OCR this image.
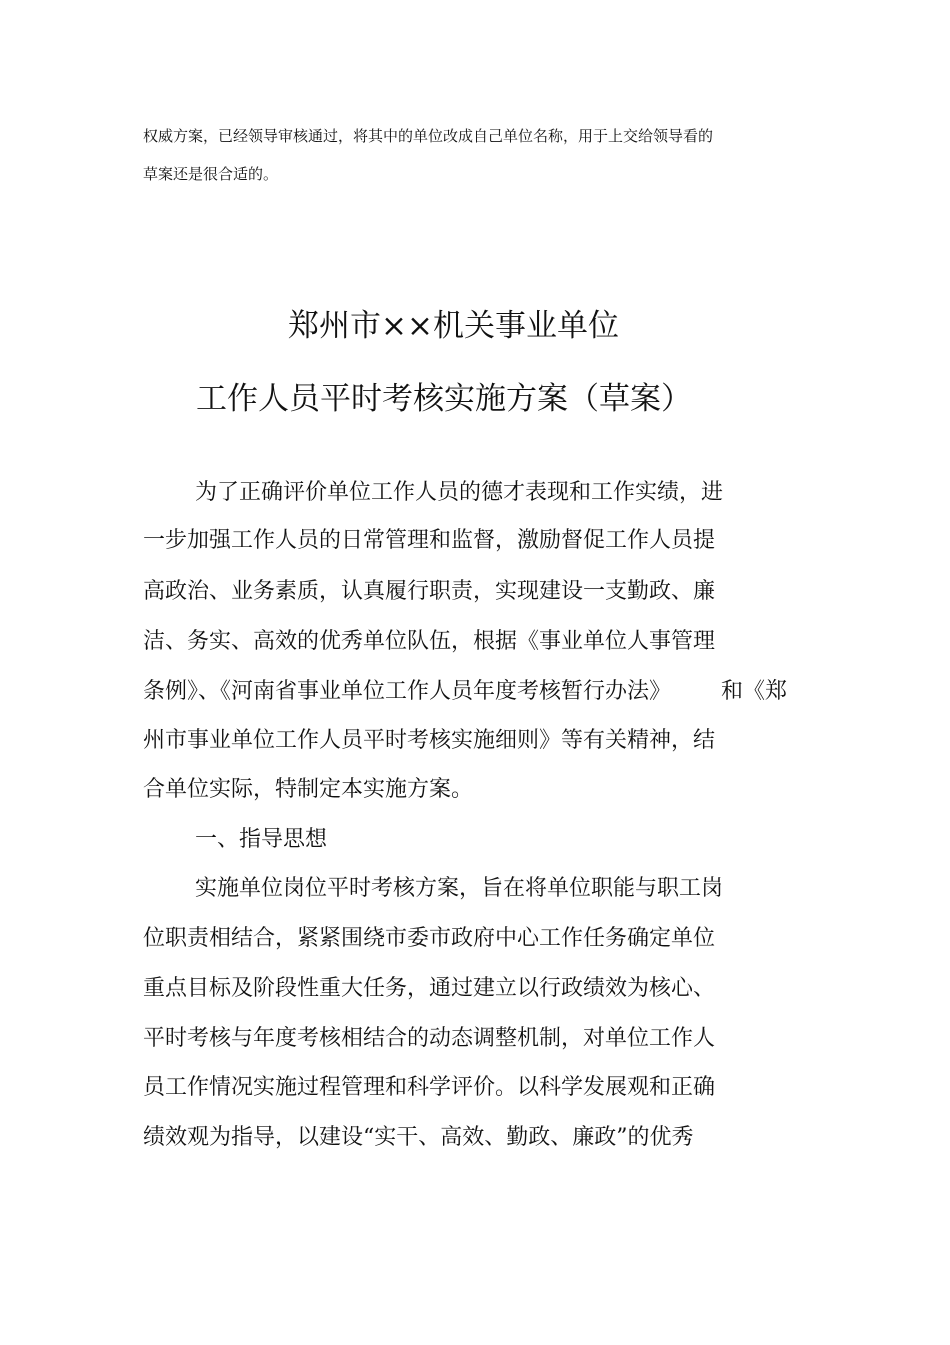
权威方案，已经领导审核通过，将其中的单位改成自己单位名称，用于上交给领导看的
草案还是很合适的。
郑州市××机关事业单位
工作人员平时考核实施方案（草案）
为了正确评价单位工作人员的德才表现和工作实绩，进
一步加强工作人员的日常管理和监督，激励督促工作人员提
高政治、业务素质，认真履行职责，实现建设一支勤政、廉
洁、务实、高效的优秀单位队伍，根据《事业单位人事管理
条例》、《河南省事业单位工作人员年度考核暂行办法》 和《郑
州市事业单位工作人员平时考核实施细则》等有关精神，结
合单位实际，特制定本实施方案。
一、指导思想
实施单位岗位平时考核方案，旨在将单位职能与职工岗
位职责相结合，紧紧围绕市委市政府中心工作任务确定单位
重点目标及阶段性重大任务，通过建立以行政绩效为核心、
平时考核与年度考核相结合的动态调整机制，对单位工作人
员工作情况实施过程管理和科学评价。以科学发展观和正确
绩效观为指导，以建设“实干、高效、勤政、廉政”的优秀
